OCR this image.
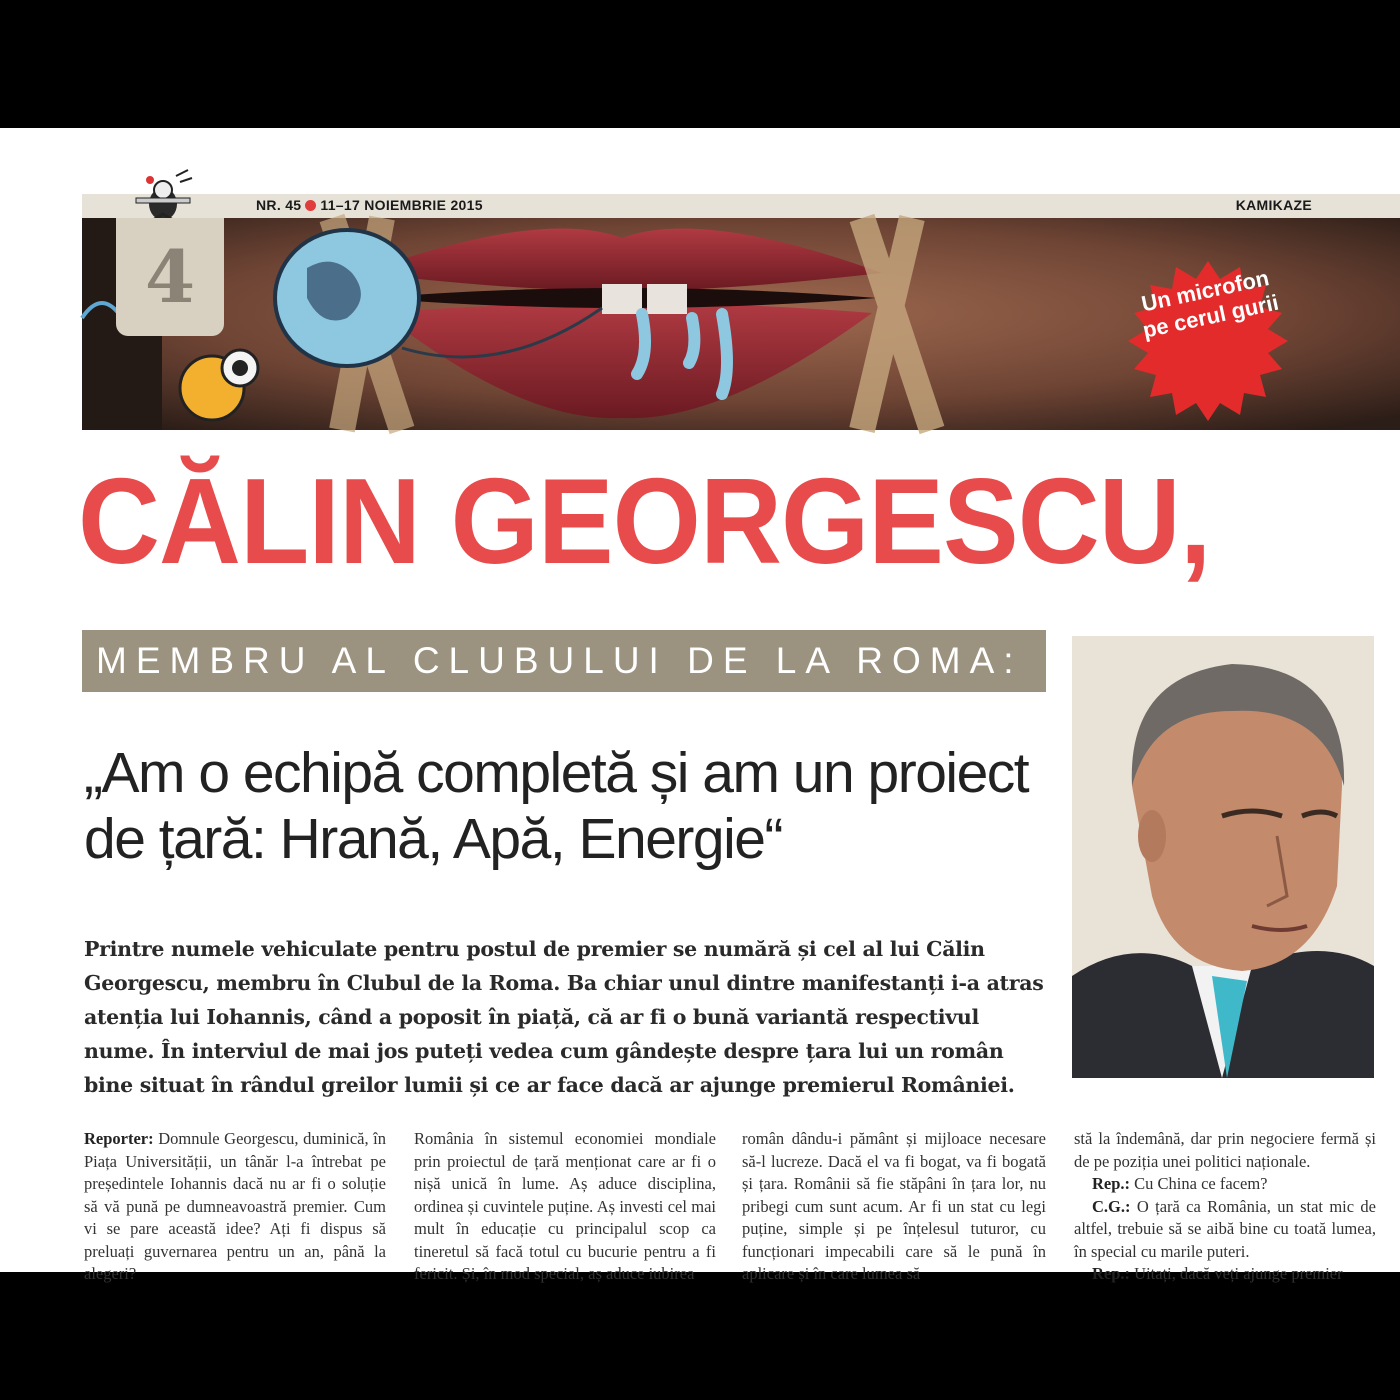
NR. 45 11–17 NOIEMBRIE 2015	KAMIKAZE
4	Un microfon pe cerul gurii
CĂLIN GEORGESCU,
MEMBRU AL CLUBULUI DE LA ROMA:
„Am o echipă completă și am un proiect de țară: Hrană, Apă, Energie“
Printre numele vehiculate pentru postul de premier se numără și cel al lui Călin Georgescu, membru în Clubul de la Roma. Ba chiar unul dintre manifestanți i-a atras atenția lui Iohannis, când a poposit în piață, că ar fi o bună variantă respectivul nume. În interviul de mai jos puteți vedea cum gândește despre țara lui un român bine situat în rândul greilor lumii și ce ar face dacă ar ajunge premierul României.
Reporter: Domnule Georgescu, duminică, în Piața Universității, un tânăr l-a întrebat pe președintele Iohannis dacă nu ar fi o soluție să vă pună pe dumneavoastră premier. Cum vi se pare această idee? Ați fi dispus să preluați guvernarea pentru un an, până la alegeri?
România în sistemul economiei mondiale prin proiectul de țară menționat care ar fi o nișă unică în lume. Aș aduce disciplina, ordinea și cuvintele puține. Aș investi cel mai mult în educație cu principalul scop ca tineretul să facă totul cu bucurie pentru a fi fericit. Și, în mod special, aș aduce iubirea
român dându-i pământ și mijloace necesare să-l lucreze. Dacă el va fi bogat, va fi bogată și țara. Românii să fie stăpâni în țara lor, nu pribegi cum sunt acum. Ar fi un stat cu legi puține, simple și pe înțelesul tuturor, cu funcționari impecabili care să le pună în aplicare și în care lumea să
stă la îndemână, dar prin negociere fermă și de pe poziția unei politici naționale.
Rep.: Cu China ce facem?
C.G.: O țară ca România, un stat mic de altfel, trebuie să se aibă bine cu toată lumea, în special cu marile puteri.
Rep.: Uitați, dacă veți ajunge premier
